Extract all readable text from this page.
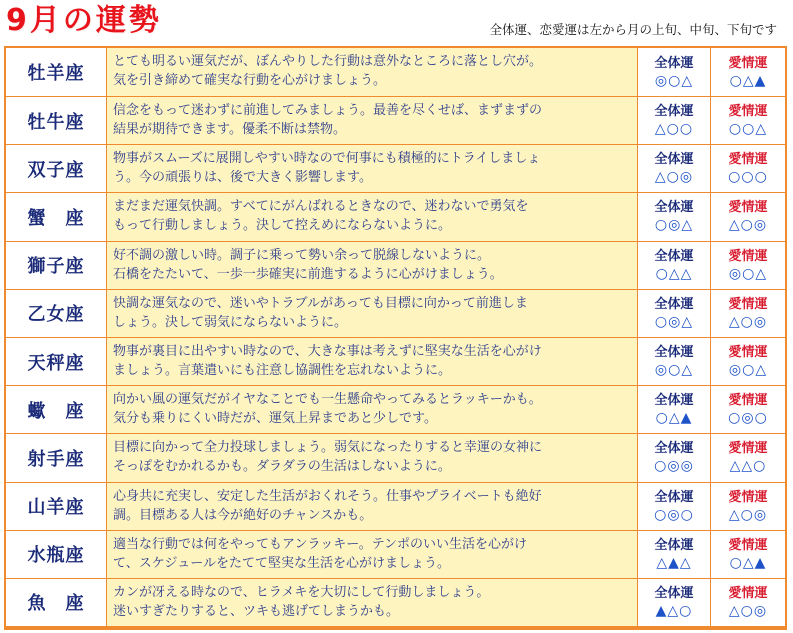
9月の運勢	全体運、恋愛運は左から月の上旬、中旬、下旬です
牡羊座
とても明るい運気だが、ぼんやりした行動は意外なところに落とし穴が。
気を引き締めて確実な行動を心がけましょう。
全体運
◎○△
愛情運
○△▲
牡牛座
信念をもって迷わずに前進してみましょう。最善を尽くせば、まずまずの
結果が期待できます。優柔不断は禁物。
全体運
△○○
愛情運
○○△
双子座
物事がスムーズに展開しやすい時なので何事にも積極的にトライしましょ
う。今の頑張りは、後で大きく影響します。
全体運
△○◎
愛情運
○○○
蟹　座
まだまだ運気快調。すべてにがんばれるときなので、迷わないで勇気を
もって行動しましょう。決して控えめにならないように。
全体運
○◎△
愛情運
△○◎
獅子座
好不調の激しい時。調子に乗って勢い余って脱線しないように。
石橋をたたいて、一歩一歩確実に前進するように心がけましょう。
全体運
○△△
愛情運
◎○△
乙女座
快調な運気なので、迷いやトラブルがあっても目標に向かって前進しま
しょう。決して弱気にならないように。
全体運
○◎△
愛情運
△○◎
天秤座
物事が裏目に出やすい時なので、大きな事は考えずに堅実な生活を心がけ
ましょう。言葉遣いにも注意し協調性を忘れないように。
全体運
◎○△
愛情運
◎○△
蠍　座
向かい風の運気だがイヤなことでも一生懸命やってみるとラッキーかも。
気分も乗りにくい時だが、運気上昇まであと少しです。
全体運
○△▲
愛情運
○◎○
射手座
目標に向かって全力投球しましょう。弱気になったりすると幸運の女神に
そっぽをむかれるかも。ダラダラの生活はしないように。
全体運
○◎◎
愛情運
△△○
山羊座
心身共に充実し、安定した生活がおくれそう。仕事やプライベートも絶好
調。目標ある人は今が絶好のチャンスかも。
全体運
○◎○
愛情運
△○◎
水瓶座
適当な行動では何をやってもアンラッキー。テンポのいい生活を心がけ
て、スケジュールをたてて堅実な生活を心がけましょう。
全体運
△▲△
愛情運
○△▲
魚　座
カンが冴える時なので、ヒラメキを大切にして行動しましょう。
迷いすぎたりすると、ツキも逃げてしまうかも。
全体運
▲△○
愛情運
△○◎
